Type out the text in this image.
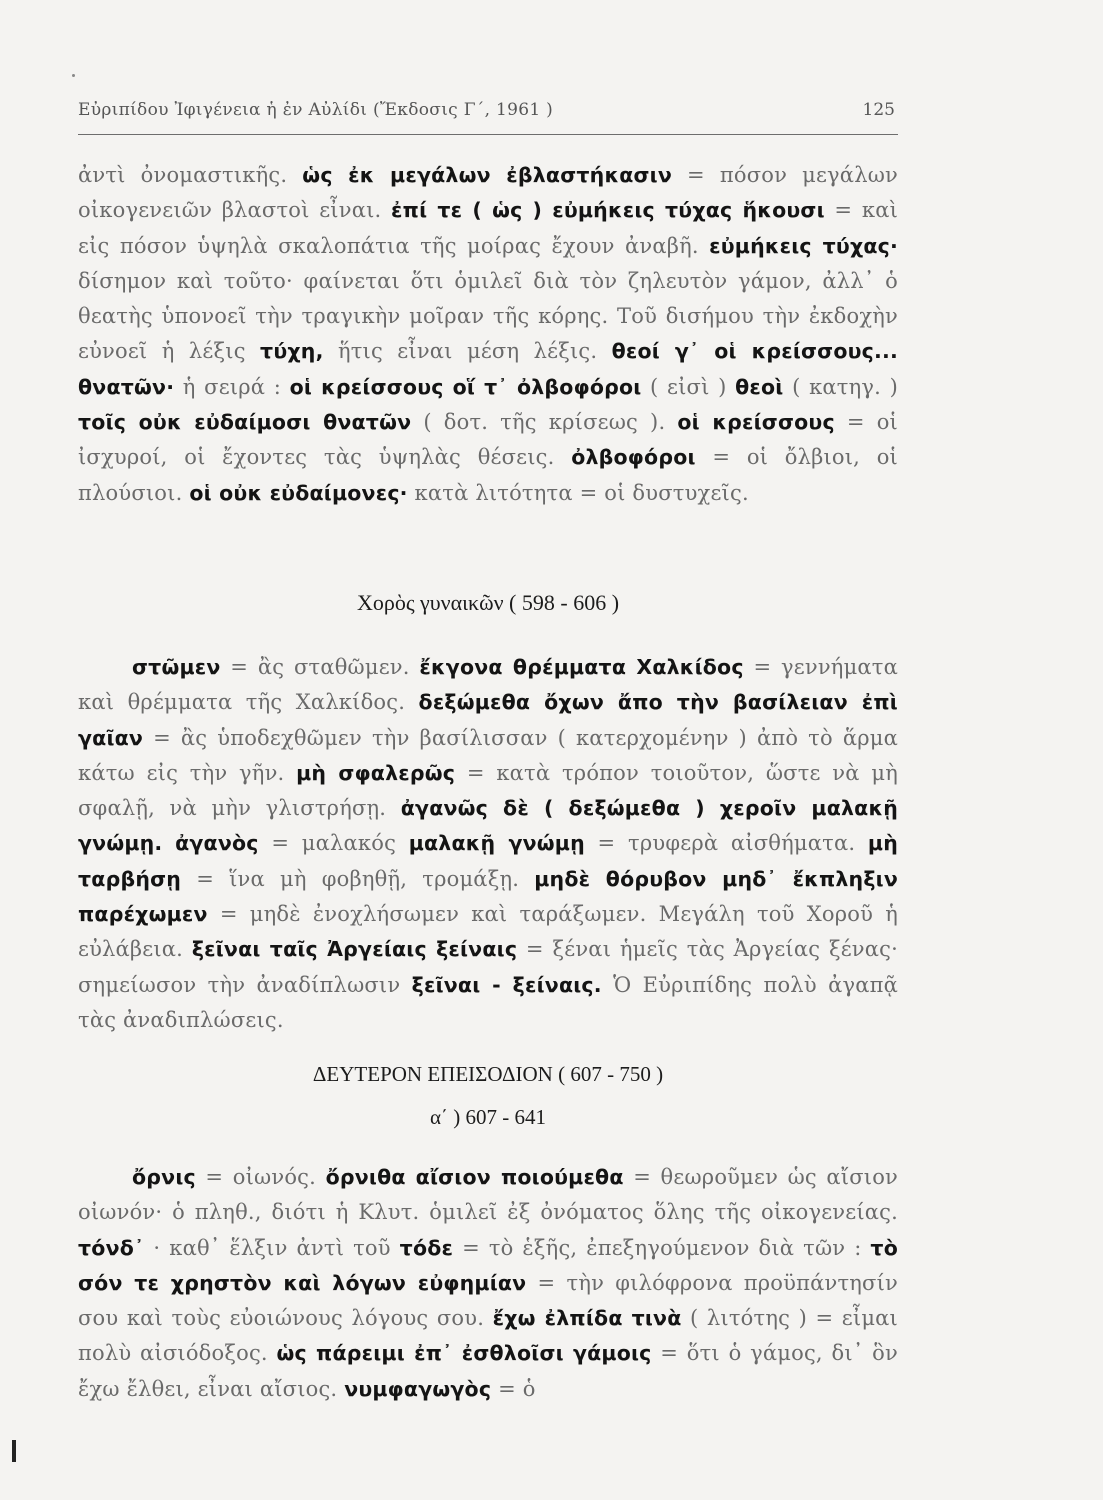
Εὐριπίδου Ἰφιγένεια ἡ ἐν Αὐλίδι (Ἔκδοσις Γ΄, 1961 )	125
ἀντὶ ὀνομαστικῆς. ὡς ἐκ μεγάλων ἐβλαστήκασιν = πόσον μεγάλων οἰκογενειῶν βλαστοὶ εἶναι. ἐπί τε ( ὡς ) εὐμήκεις τύχας ἥκουσι = καὶ εἰς πόσον ὑψηλὰ σκαλοπάτια τῆς μοίρας ἔχουν ἀναβῆ. εὐμήκεις τύχας· δίσημον καὶ τοῦτο· φαίνεται ὅτι ὁμιλεῖ διὰ τὸν ζηλευτὸν γάμον, ἀλλ᾽ ὁ θεατὴς ὑπονοεῖ τὴν τραγικὴν μοῖραν τῆς κόρης. Τοῦ δισήμου τὴν ἐκδοχὴν εὐνοεῖ ἡ λέξις τύχη, ἥτις εἶναι μέση λέξις. θεοί γ᾽ οἱ κρείσσους... θνατῶν· ἡ σειρά : οἱ κρείσσους οἵ τ᾽ ὀλβοφόροι ( εἰσὶ ) θεοὶ ( κατηγ. ) τοῖς οὐκ εὐδαίμοσι θνατῶν ( δοτ. τῆς κρίσεως ). οἱ κρείσσους = οἱ ἰσχυροί, οἱ ἔχοντες τὰς ὑψηλὰς θέσεις. ὀλβοφόροι = οἱ ὄλβιοι, οἱ πλούσιοι. οἱ οὐκ εὐδαίμονες· κατὰ λιτότητα = οἱ δυστυχεῖς.
Χορὸς γυναικῶν ( 598 - 606 )
στῶμεν = ἂς σταθῶμεν. ἔκγονα θρέμματα Χαλκίδος = γεννήματα καὶ θρέμματα τῆς Χαλκίδος. δεξώμεθα ὄχων ἄπο τὴν βασίλειαν ἐπὶ γαῖαν = ἂς ὑποδεχθῶμεν τὴν βασίλισσαν ( κατερχομένην ) ἀπὸ τὸ ἅρμα κάτω εἰς τὴν γῆν. μὴ σφαλερῶς = κατὰ τρόπον τοιοῦτον, ὥστε νὰ μὴ σφαλῇ, νὰ μὴν γλιστρήσῃ. ἀγανῶς δὲ ( δεξώμεθα ) χεροῖν μαλακῇ γνώμῃ. ἀγανὸς = μαλακός μαλακῇ γνώμῃ = τρυφερὰ αἰσθήματα. μὴ ταρβήσῃ = ἵνα μὴ φοβηθῇ, τρομάξῃ. μηδὲ θόρυβον μηδ᾽ ἔκπληξιν παρέχωμεν = μηδὲ ἐνοχλήσωμεν καὶ ταράξωμεν. Μεγάλη τοῦ Χοροῦ ἡ εὐλάβεια. ξεῖναι ταῖς Ἀργείαις ξείναις = ξέναι ἡμεῖς τὰς Ἀργείας ξένας· σημείωσον τὴν ἀναδίπλωσιν ξεῖναι - ξείναις. Ὁ Εὐριπίδης πολὺ ἀγαπᾷ τὰς ἀναδιπλώσεις.
ΔΕΥΤΕΡΟΝ ΕΠΕΙΣΟΔΙΟΝ ( 607 - 750 )
α΄ ) 607 - 641
ὄρνις = οἰωνός. ὄρνιθα αἴσιον ποιούμεθα = θεωροῦμεν ὡς αἴσιον οἰωνόν· ὁ πληθ., διότι ἡ Κλυτ. ὁμιλεῖ ἐξ ὀνόματος ὅλης τῆς οἰκογενείας. τόνδ᾽ · καθ᾽ ἕλξιν ἀντὶ τοῦ τόδε = τὸ ἑξῆς, ἐπεξηγούμενον διὰ τῶν : τὸ σόν τε χρηστὸν καὶ λόγων εὐφημίαν = τὴν φιλόφρονα προϋπάντησίν σου καὶ τοὺς εὐοιώνους λόγους σου. ἔχω ἐλπίδα τινὰ ( λιτότης ) = εἶμαι πολὺ αἰσιόδοξος. ὡς πάρειμι ἐπ᾽ ἐσθλοῖσι γάμοις = ὅτι ὁ γάμος, δι᾽ ὃν ἔχω ἔλθει, εἶναι αἴσιος. νυμφαγωγὸς = ὁ
